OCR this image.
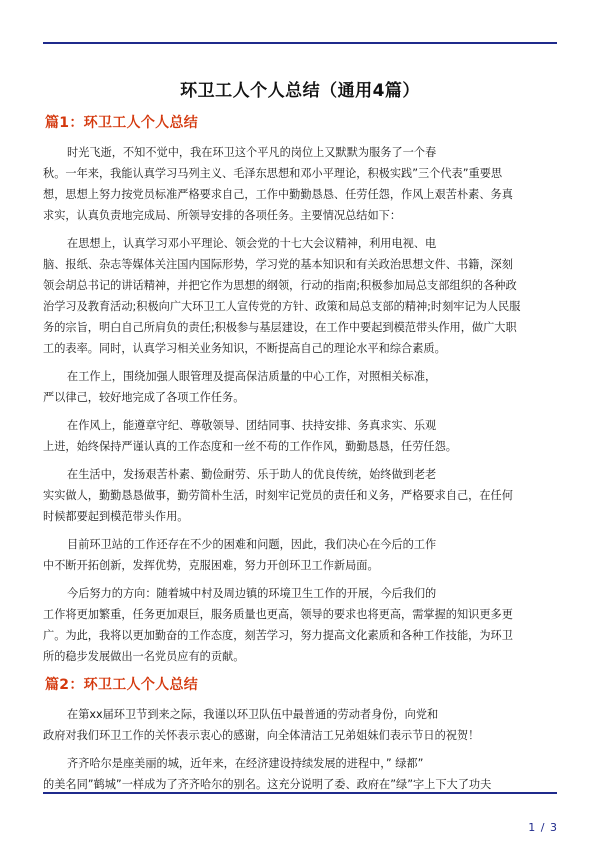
环卫工人个人总结（通用4篇）
篇1：环卫工人个人总结

时光飞逝，不知不觉中，我在环卫这个平凡的岗位上又默默为服务了一个春
秋。一年来，我能认真学习马列主义、毛泽东思想和邓小平理论，积极实践”三个代表”重要思
想，思想上努力按党员标准严格要求自己，工作中勤勤恳恳、任劳任怨，作风上艰苦朴素、务真
求实，认真负责地完成局、所领导安排的各项任务。主要情况总结如下：

在思想上，认真学习邓小平理论、领会党的十七大会议精神，利用电视、电
脑、报纸、杂志等媒体关注国内国际形势，学习党的基本知识和有关政治思想文件、书籍，深刻
领会胡总书记的讲话精神，并把它作为思想的纲领，行动的指南;积极参加局总支部组织的各种政
治学习及教育活动;积极向广大环卫工人宣传党的方针、政策和局总支部的精神;时刻牢记为人民服
务的宗旨，明白自己所肩负的责任;积极参与基层建设，在工作中要起到模范带头作用，做广大职
工的表率。同时，认真学习相关业务知识，不断提高自己的理论水平和综合素质。

在工作上，围绕加强人眼管理及提高保洁质量的中心工作，对照相关标准，
严以律己，较好地完成了各项工作任务。

在作风上，能遵章守纪、尊敬领导、团结同事、扶持安排、务真求实、乐观
上进，始终保持严谨认真的工作态度和一丝不苟的工作作风，勤勤恳恳，任劳任怨。

在生活中，发扬艰苦朴素、勤俭耐劳、乐于助人的优良传统，始终做到老老
实实做人，勤勤恳恳做事，勤劳简朴生活，时刻牢记党员的责任和义务，严格要求自己，在任何
时候都要起到模范带头作用。

目前环卫站的工作还存在不少的困难和问题，因此，我们决心在今后的工作
中不断开拓创新，发挥优势，克服困难，努力开创环卫工作新局面。

今后努力的方向：随着城中村及周边镇的环境卫生工作的开展，今后我们的
工作将更加繁重，任务更加艰巨，服务质量也更高，领导的要求也将更高，需掌握的知识更多更
广。为此，我将以更加勤奋的工作态度，刻苦学习，努力提高文化素质和各种工作技能，为环卫
所的稳步发展做出一名党员应有的贡献。

篇2：环卫工人个人总结

在第xx届环卫节到来之际，我谨以环卫队伍中最普通的劳动者身份，向党和
政府对我们环卫工作的关怀表示衷心的感谢，向全体清洁工兄弟姐妹们表示节日的祝贺！

齐齐哈尔是座美丽的城，近年来，在经济建设持续发展的进程中，” 绿都”
的美名同”鹤城”一样成为了齐齐哈尔的别名。这充分说明了委、政府在”绿”字上下大了功夫

1 / 3
